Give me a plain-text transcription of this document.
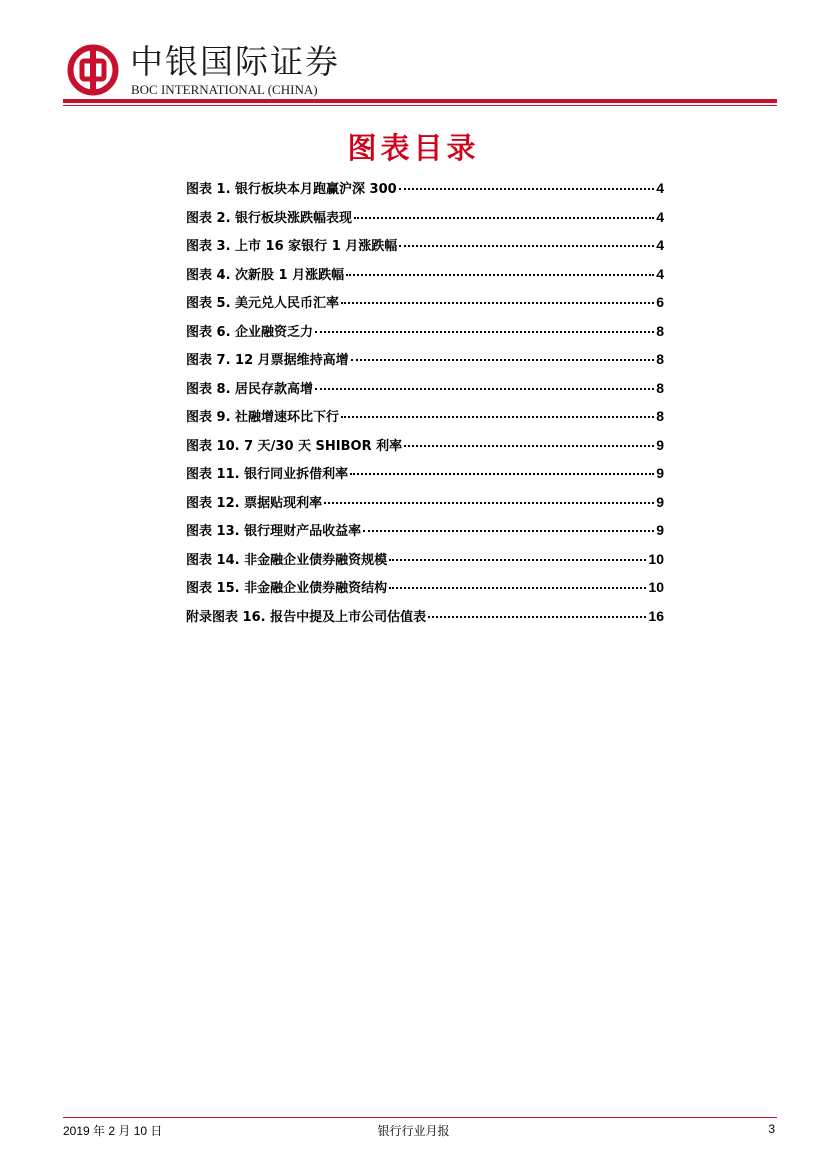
中银国际证券
BOC INTERNATIONAL (CHINA)
图表目录
图表 1. 银行板块本月跑赢沪深 300	4
图表 2. 银行板块涨跌幅表现	4
图表 3. 上市 16 家银行 1 月涨跌幅	4
图表 4. 次新股 1 月涨跌幅	4
图表 5. 美元兑人民币汇率	6
图表 6. 企业融资乏力	8
图表 7. 12 月票据维持高增	8
图表 8. 居民存款高增	8
图表 9. 社融增速环比下行	8
图表 10. 7 天/30 天 SHIBOR 利率	9
图表 11. 银行同业拆借利率	9
图表 12. 票据贴现利率	9
图表 13. 银行理财产品收益率	9
图表 14. 非金融企业债券融资规模	10
图表 15. 非金融企业债券融资结构	10
附录图表 16. 报告中提及上市公司估值表	16
2019 年 2 月 10 日	银行行业月报	3
